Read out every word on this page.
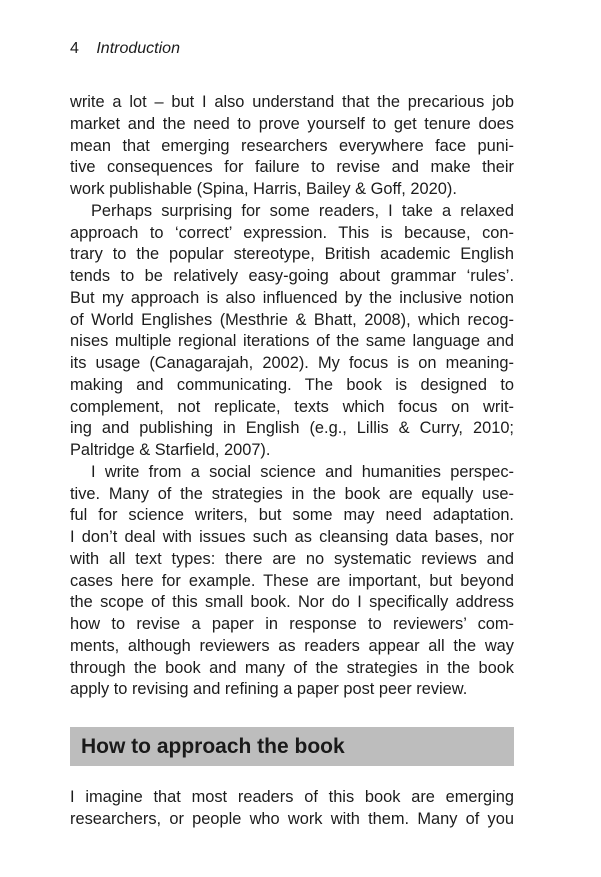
4 Introduction

write a lot – but I also understand that the precarious job
market and the need to prove yourself to get tenure does
mean that emerging researchers everywhere face puni-
tive consequences for failure to revise and make their
work publishable (Spina, Harris, Bailey & Goff, 2020).

Perhaps surprising for some readers, I take a relaxed
approach to ‘correct’ expression. This is because, con-
trary to the popular stereotype, British academic English
tends to be relatively easy-going about grammar ‘rules’.
But my approach is also influenced by the inclusive notion
of World Englishes (Mesthrie & Bhatt, 2008), which recog-
nises multiple regional iterations of the same language and
its usage (Canagarajah, 2002). My focus is on meaning-
making and communicating. The book is designed to
complement, not replicate, texts which focus on writ-
ing and publishing in English (e.g., Lillis & Curry, 2010;
Paltridge & Starfield, 2007).

I write from a social science and humanities perspec-
tive. Many of the strategies in the book are equally use-
ful for science writers, but some may need adaptation.
I don’t deal with issues such as cleansing data bases, nor
with all text types: there are no systematic reviews and
cases here for example. These are important, but beyond
the scope of this small book. Nor do I specifically address
how to revise a paper in response to reviewers’ com-
ments, although reviewers as readers appear all the way
through the book and many of the strategies in the book
apply to revising and refining a paper post peer review.

How to approach the book

I imagine that most readers of this book are emerging
researchers, or people who work with them. Many of you
